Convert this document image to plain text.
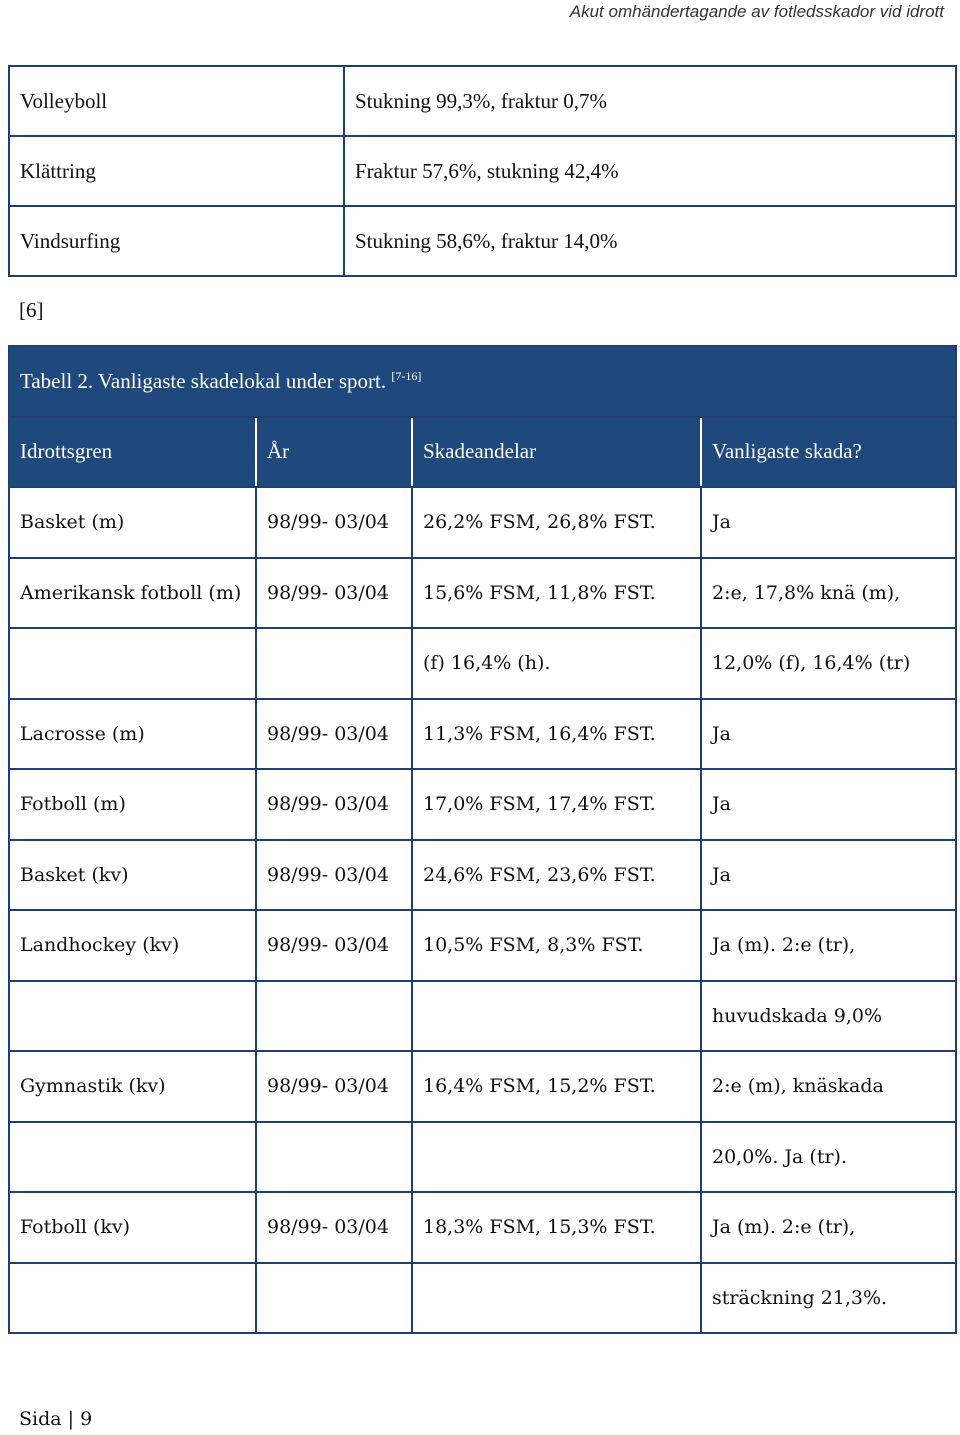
Akut omhändertagande av fotledsskador vid idrott
Volleyboll	Stukning 99,3%, fraktur 0,7%
Klättring	Fraktur 57,6%, stukning 42,4%
Vindsurfing	Stukning 58,6%, fraktur 14,0%
[6]
Tabell 2. Vanligaste skadelokal under sport. [7-16]
Idrottsgren	År	Skadeandelar	Vanligaste skada?
Basket (m)	98/99- 03/04	26,2% FSM, 26,8% FST.	Ja
Amerikansk fotboll (m)	98/99- 03/04	15,6% FSM, 11,8% FST.	2:e, 17,8% knä (m),
		(f) 16,4% (h).	12,0% (f), 16,4% (tr)
Lacrosse (m)	98/99- 03/04	11,3% FSM, 16,4% FST.	Ja
Fotboll (m)	98/99- 03/04	17,0% FSM, 17,4% FST.	Ja
Basket (kv)	98/99- 03/04	24,6% FSM, 23,6% FST.	Ja
Landhockey (kv)	98/99- 03/04	10,5% FSM, 8,3% FST.	Ja (m). 2:e (tr),
			huvudskada 9,0%
Gymnastik (kv)	98/99- 03/04	16,4% FSM, 15,2% FST.	2:e (m), knäskada
			20,0%. Ja (tr).
Fotboll (kv)	98/99- 03/04	18,3% FSM, 15,3% FST.	Ja (m). 2:e (tr),
			sträckning 21,3%.
Sida | 9
